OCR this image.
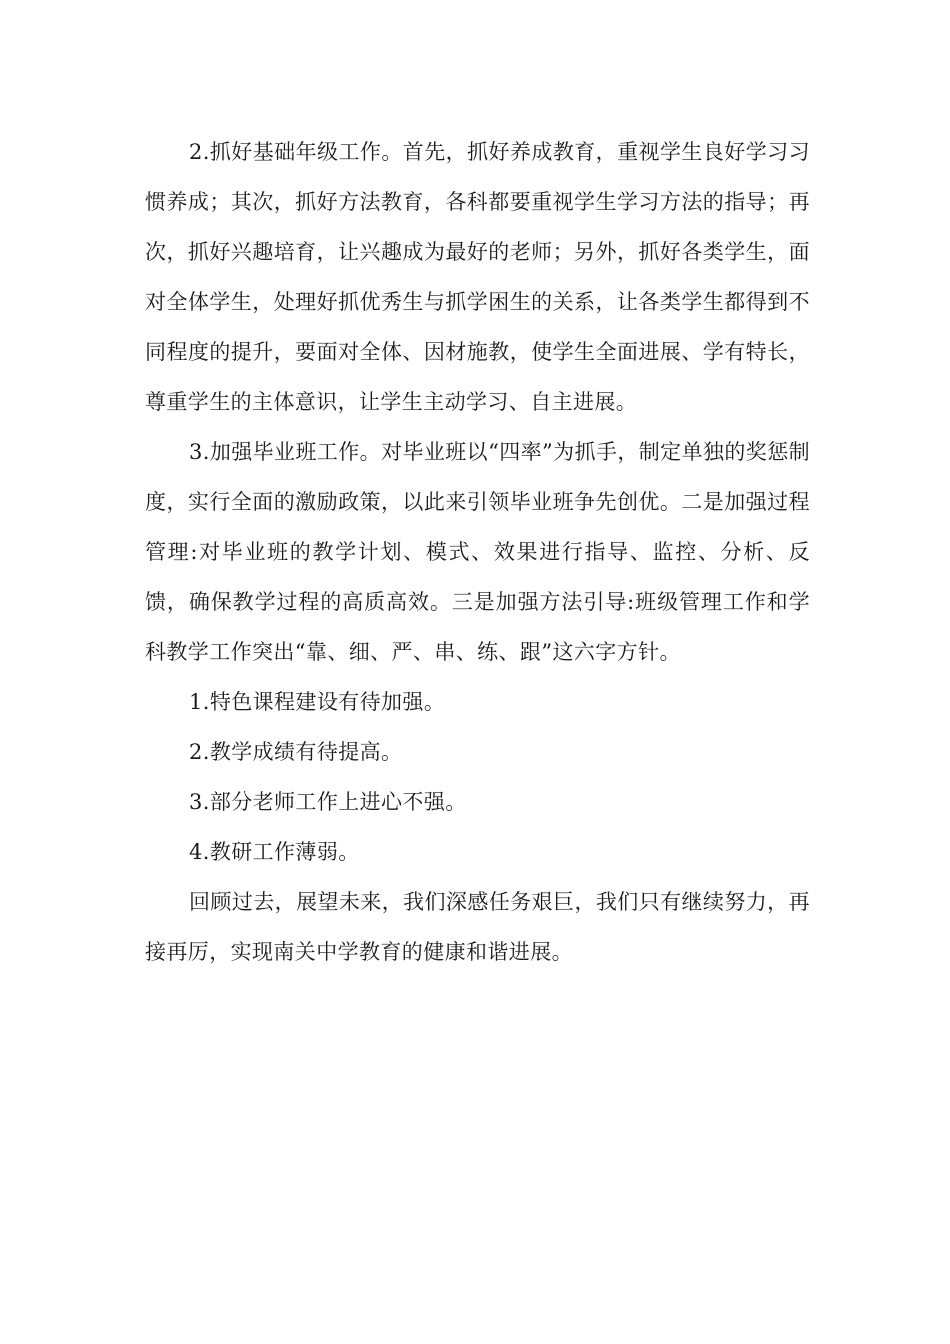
2.抓好基础年级工作。首先，抓好养成教育，重视学生良好学习习惯养成；其次，抓好方法教育，各科都要重视学生学习方法的指导；再次，抓好兴趣培育，让兴趣成为最好的老师；另外，抓好各类学生，面对全体学生，处理好抓优秀生与抓学困生的关系，让各类学生都得到不同程度的提升，要面对全体、因材施教，使学生全面进展、学有特长，尊重学生的主体意识，让学生主动学习、自主进展。

3.加强毕业班工作。对毕业班以“四率”为抓手，制定单独的奖惩制度，实行全面的激励政策，以此来引领毕业班争先创优。二是加强过程管理:对毕业班的教学计划、模式、效果进行指导、监控、分析、反馈，确保教学过程的高质高效。三是加强方法引导:班级管理工作和学科教学工作突出“靠、细、严、串、练、跟”这六字方针。

1.特色课程建设有待加强。

2.教学成绩有待提高。

3.部分老师工作上进心不强。

4.教研工作薄弱。

回顾过去，展望未来，我们深感任务艰巨，我们只有继续努力，再接再厉，实现南关中学教育的健康和谐进展。
